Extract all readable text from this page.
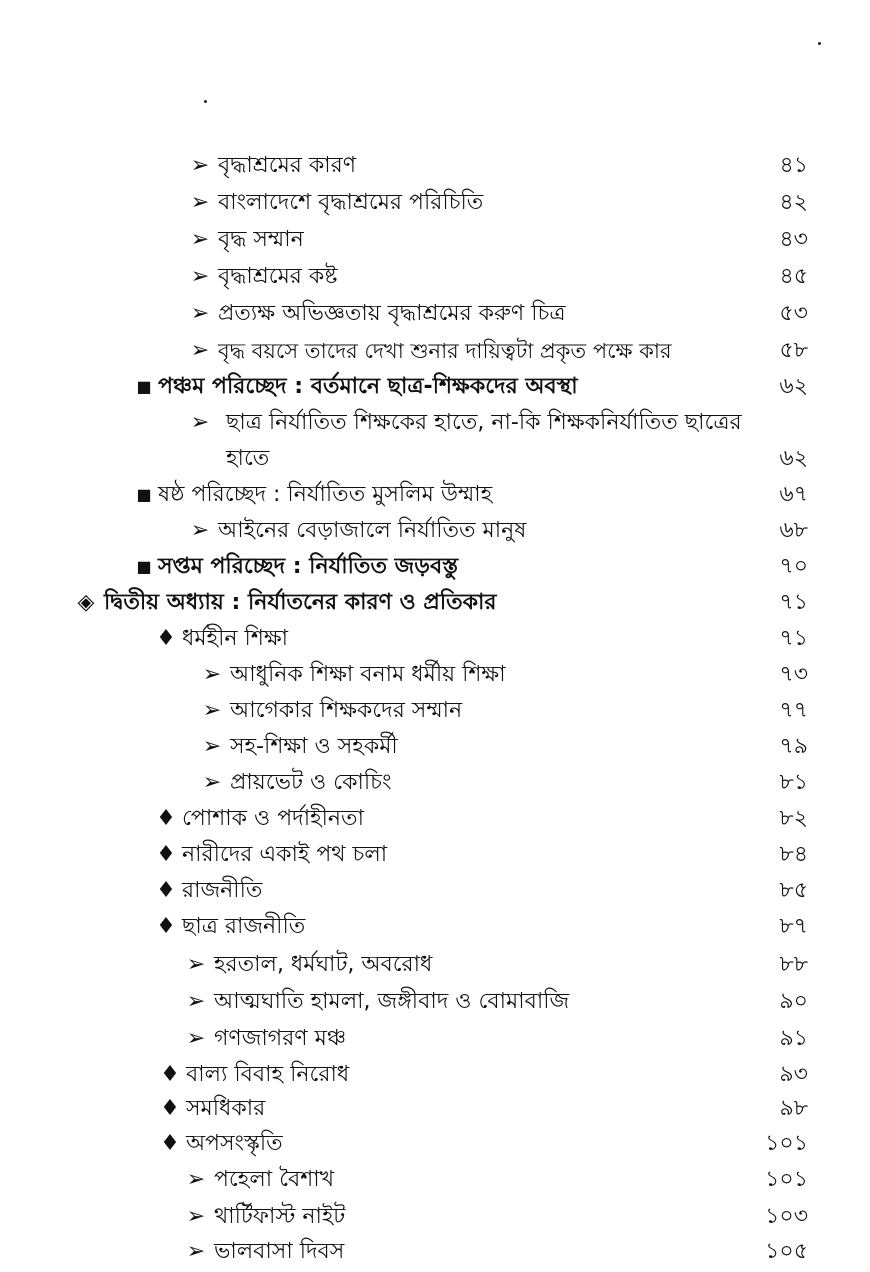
➢ বৃদ্ধাশ্রমের কারণ	৪১
➢ বাংলাদেশে বৃদ্ধাশ্রমের পরিচিতি	৪২
➢ বৃদ্ধ সম্মান	৪৩
➢ বৃদ্ধাশ্রমের কষ্ট	৪৫
➢ প্রত্যক্ষ অভিজ্ঞতায় বৃদ্ধাশ্রমের করুণ চিত্র	৫৩
➢ বৃদ্ধ বয়সে তাদের দেখা শুনার দায়িত্বটা প্রকৃত পক্ষে কার	৫৮
■ পঞ্চম পরিচ্ছেদ : বর্তমানে ছাত্র-শিক্ষকদের অবস্থা	৬২
➢ ছাত্র নির্যাতিত শিক্ষকের হাতে, না-কি শিক্ষকনির্যাতিত ছাত্রের হাতে	৬২
■ ষষ্ঠ পরিচ্ছেদ : নির্যাতিত মুসলিম উম্মাহ	৬৭
➢ আইনের বেড়াজালে নির্যাতিত মানুষ	৬৮
■ সপ্তম পরিচ্ছেদ : নির্যাতিত জড়বস্তু	৭০
◈ দ্বিতীয় অধ্যায় : নির্যাতনের কারণ ও প্রতিকার	৭১
♦ ধর্মহীন শিক্ষা	৭১
➢ আধুনিক শিক্ষা বনাম ধর্মীয় শিক্ষা	৭৩
➢ আগেকার শিক্ষকদের সম্মান	৭৭
➢ সহ-শিক্ষা ও সহকর্মী	৭৯
➢ প্রায়ভেট ও কোচিং	৮১
♦ পোশাক ও পর্দাহীনতা	৮২
♦ নারীদের একাই পথ চলা	৮৪
♦ রাজনীতি	৮৫
♦ ছাত্র রাজনীতি	৮৭
➢ হরতাল, ধর্মঘাট, অবরোধ	৮৮
➢ আত্মঘাতি হামলা, জঙ্গীবাদ ও বোমাবাজি	৯০
➢ গণজাগরণ মঞ্চ	৯১
♦ বাল্য বিবাহ নিরোধ	৯৩
♦ সমধিকার	৯৮
♦ অপসংস্কৃতি	১০১
➢ পহেলা বৈশাখ	১০১
➢ থার্টিফাস্ট নাইট	১০৩
➢ ভালবাসা দিবস	১০৫
